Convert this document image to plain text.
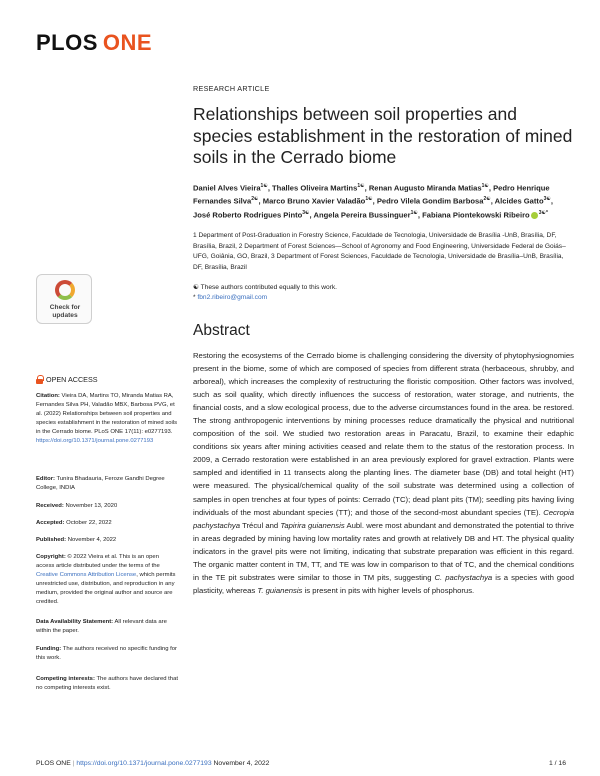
PLOS ONE
RESEARCH ARTICLE
Relationships between soil properties and species establishment in the restoration of mined soils in the Cerrado biome
Daniel Alves Vieira$^{1☯}$, Thalles Oliveira Martins$^{1☯}$, Renan Augusto Miranda Matias$^{1☯}$, Pedro Henrique Fernandes Silva$^{2☯}$, Marco Bruno Xavier Valadão$^{1☯}$, Pedro Vilela Gondim Barbosa$^{2☯}$, Alcides Gatto$^{3☯}$, José Roberto Rodrigues Pinto$^{3☯}$, Angela Pereira Bussinguer$^{1☯}$, Fabiana Piontekowski Ribeiro $^{3☯*}$
1 Department of Post-Graduation in Forestry Science, Faculdade de Tecnologia, Universidade de Brasília -UnB, Brasília, DF, Brasília, Brazil, 2 Department of Forest Sciences—School of Agronomy and Food Engineering, Universidade Federal de Goiás–UFG, Goiânia, GO, Brazil, 3 Department of Forest Sciences, Faculdade de Tecnologia, Universidade de Brasília–UnB, Brasília, DF, Brasília, Brazil
☯ These authors contributed equally to this work.
* fbn2.ribeiro@gmail.com
Abstract
Restoring the ecosystems of the Cerrado biome is challenging considering the diversity of phytophysiognomies present in the biome, some of which are composed of species from different strata (herbaceous, shrubby, and arboreal), which increases the complexity of restructuring the floristic composition. Other factors was involved, such as soil quality, which directly influences the success of restoration, water storage, and nutrients, the financial costs, and a slow ecological process, due to the adverse circumstances found in the area. be restored. The strong anthropogenic interventions by mining processes reduce dramatically the physical and nutritional composition of the soil. We studied two restoration areas in Paracatu, Brazil, to examine their edaphic conditions six years after mining activities ceased and relate them to the status of the restoration process. In 2009, a Cerrado restoration were established in an area previously explored for gravel extraction. Plants were sampled and identified in 11 transects along the planting lines. The diameter base (DB) and total height (HT) were measured. The physical/chemical quality of the soil substrate was determined using a collection of samples in open trenches at four types of points: Cerrado (TC); dead plant pits (TM); seedling pits having living individuals of the most abundant species (TT); and those of the second-most abundant species (TE). Cecropia pachystachya Trécul and Tapirira guianensis Aubl. were most abundant and demonstrated the potential to thrive in areas degraded by mining having low mortality rates and growth at relatively DB and HT. The physical quality indicators in the gravel pits were not limiting, indicating that substrate preparation was efficient in this regard. The organic matter content in TM, TT, and TE was low in comparison to that of TC, and the chemical conditions in the TE pit substrates were similar to those in TM pits, suggesting C. pachystachya is a species with good plasticity, whereas T. guianensis is present in pits with higher levels of phosphorus.
Check for
updates
OPEN ACCESS
Citation: Vieira DA, Martins TO, Miranda Matias RA, Fernandes Silva PH, Valadão MBX, Barbosa PVG, et al. (2022) Relationships between soil properties and species establishment in the restoration of mined soils in the Cerrado biome. PLoS ONE 17(11): e0277193. https://doi.org/10.1371/journal.pone.0277193
Editor: Tunira Bhadauria, Feroze Gandhi Degree College, INDIA
Received: November 13, 2020
Accepted: October 22, 2022
Published: November 4, 2022
Copyright: © 2022 Vieira et al. This is an open access article distributed under the terms of the Creative Commons Attribution License, which permits unrestricted use, distribution, and reproduction in any medium, provided the original author and source are credited.
Data Availability Statement: All relevant data are within the paper.
Funding: The authors received no specific funding for this work.
Competing interests: The authors have declared that no competing interests exist.
PLOS ONE | https://doi.org/10.1371/journal.pone.0277193 November 4, 2022	1 / 16
